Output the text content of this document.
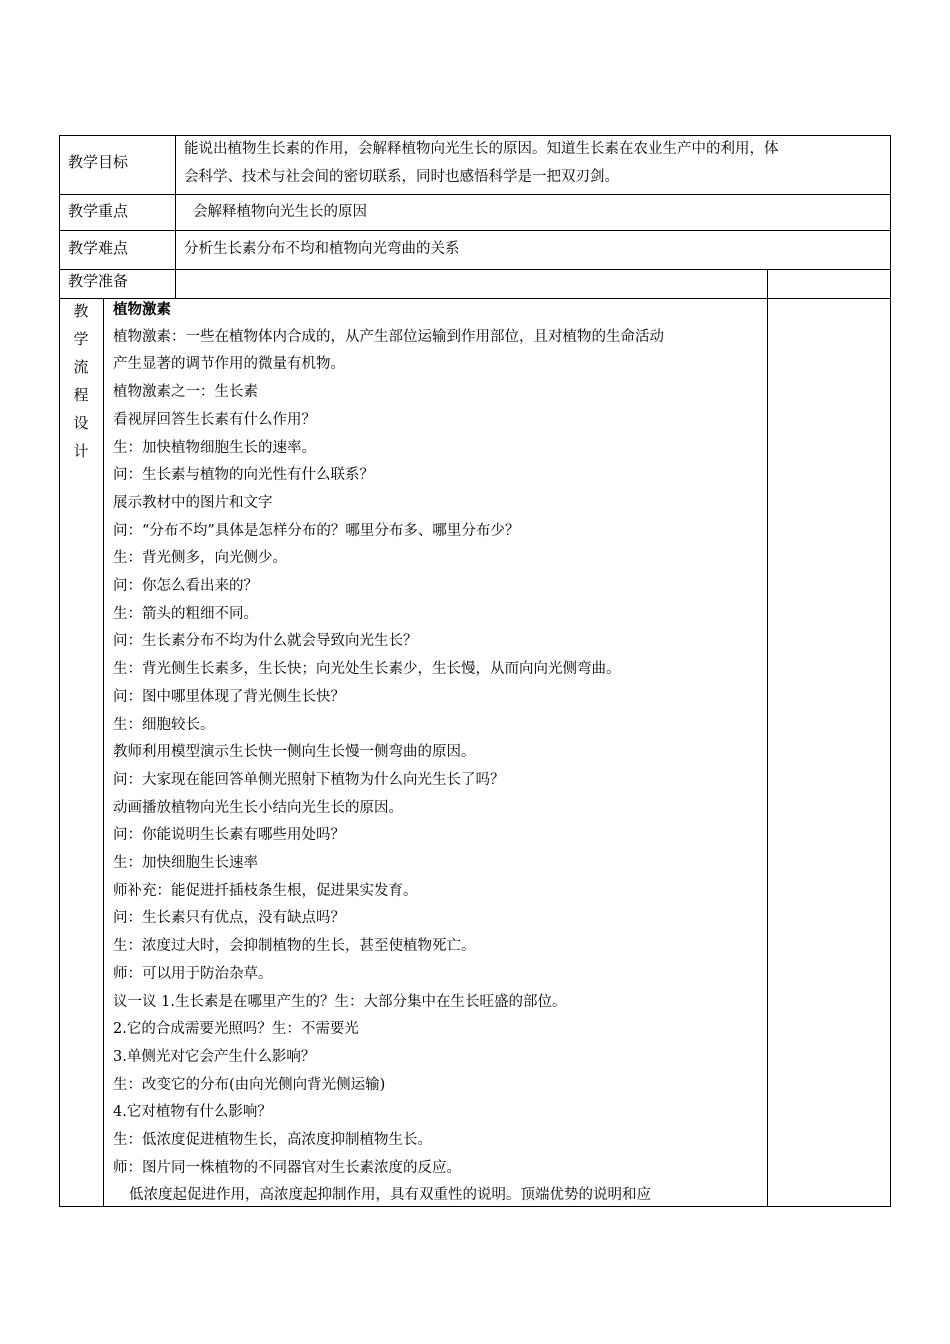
教学目标
能说出植物生长素的作用，会解释植物向光生长的原因。知道生长素在农业生产中的利用，体
会科学、技术与社会间的密切联系，同时也感悟科学是一把双刃剑。
教学重点	会解释植物向光生长的原因
教学难点	分析生长素分布不均和植物向光弯曲的关系
教学准备
教
学
流
程
设
计
植物激素
植物激素：一些在植物体内合成的，从产生部位运输到作用部位，且对植物的生命活动
产生显著的调节作用的微量有机物。
植物激素之一：生长素
看视屏回答生长素有什么作用？
生：加快植物细胞生长的速率。
问：生长素与植物的向光性有什么联系？
展示教材中的图片和文字
问：“分布不均”具体是怎样分布的？哪里分布多、哪里分布少？
生：背光侧多，向光侧少。
问：你怎么看出来的？
生：箭头的粗细不同。
问：生长素分布不均为什么就会导致向光生长？
生：背光侧生长素多，生长快；向光处生长素少，生长慢，从而向向光侧弯曲。
问：图中哪里体现了背光侧生长快？
生：细胞较长。
教师利用模型演示生长快一侧向生长慢一侧弯曲的原因。
问：大家现在能回答单侧光照射下植物为什么向光生长了吗？
动画播放植物向光生长小结向光生长的原因。
问：你能说明生长素有哪些用处吗？
生：加快细胞生长速率
师补充：能促进扦插枝条生根，促进果实发育。
问：生长素只有优点，没有缺点吗？
生：浓度过大时，会抑制植物的生长，甚至使植物死亡。
师：可以用于防治杂草。
议一议 1.生长素是在哪里产生的？生：大部分集中在生长旺盛的部位。
2.它的合成需要光照吗？生：不需要光
3.单侧光对它会产生什么影响？
生：改变它的分布(由向光侧向背光侧运输)
4.它对植物有什么影响？
生：低浓度促进植物生长，高浓度抑制植物生长。
师：图片同一株植物的不同器官对生长素浓度的反应。
低浓度起促进作用，高浓度起抑制作用，具有双重性的说明。顶端优势的说明和应
